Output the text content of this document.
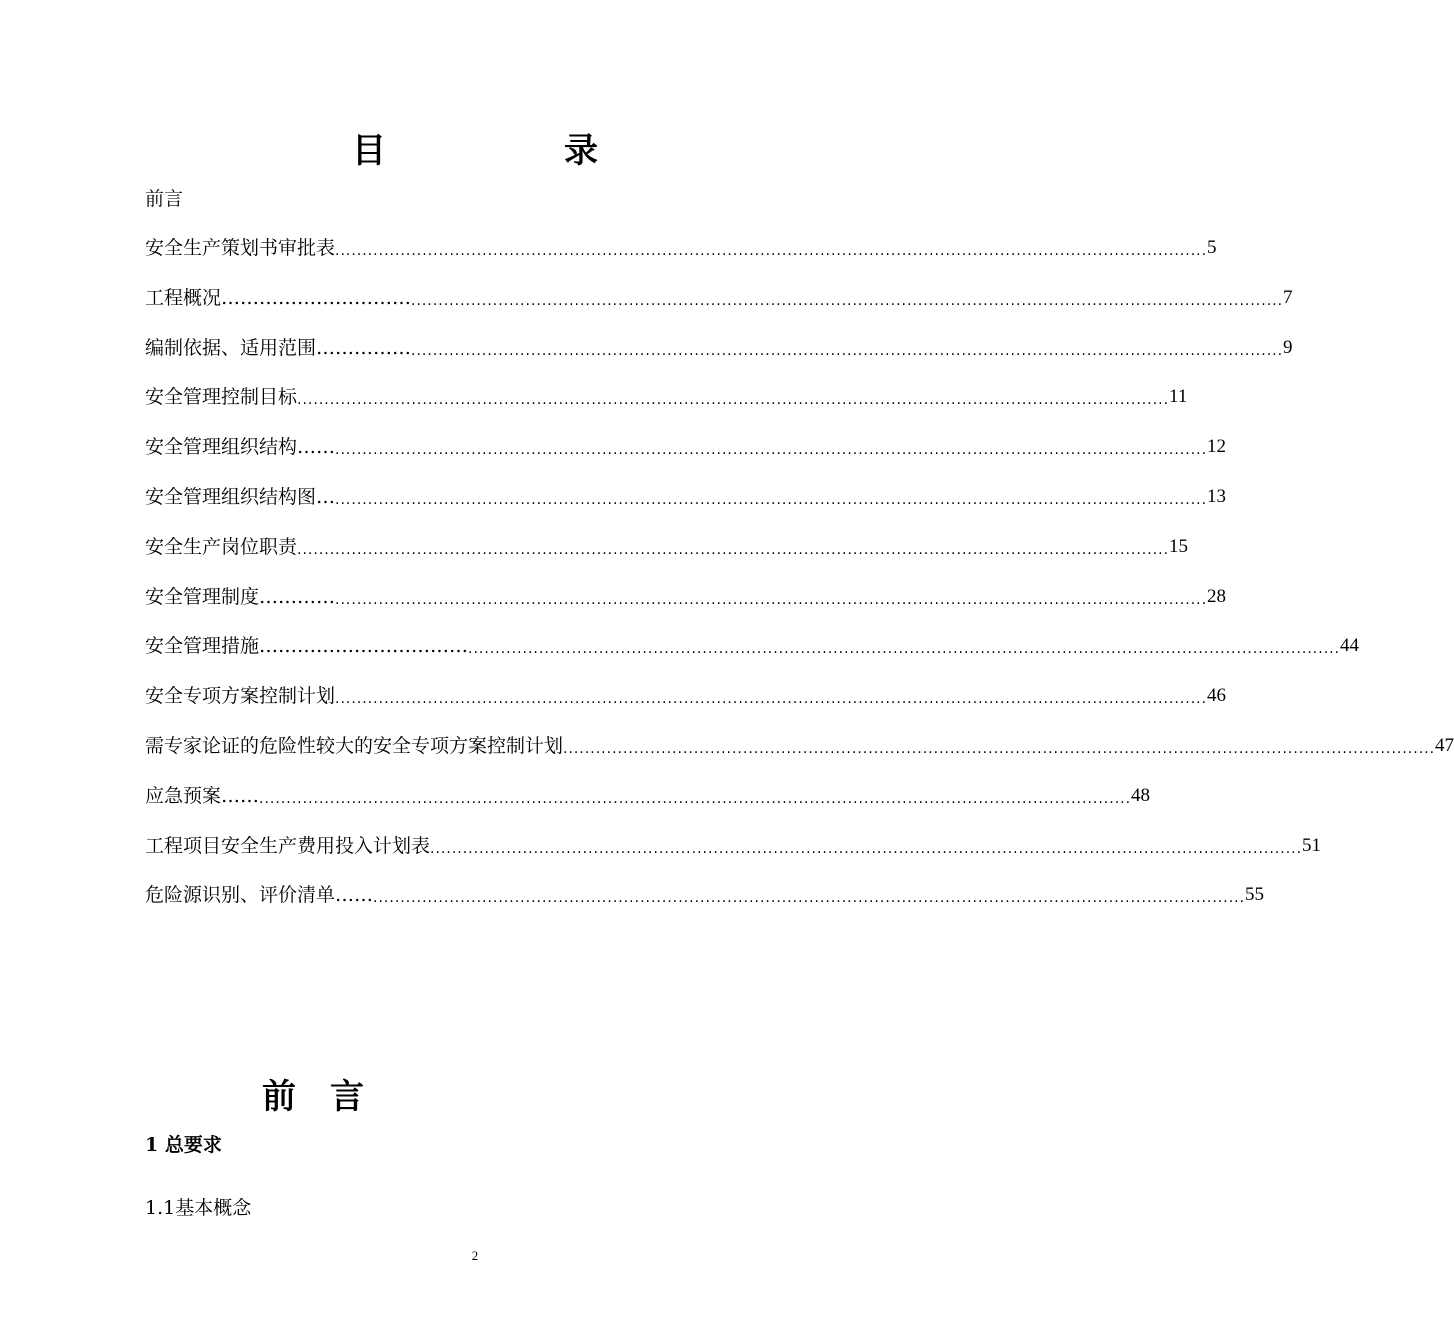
目	录
前言
安全生产策划书审批表 ................................................................................................................................................................ 5
工程概况………………………… ................................................................................................................................................................ 7
编制依据、适用范围…………… ................................................................................................................................................................ 9
安全管理控制目标 ................................................................................................................................................................ 11
安全管理组织结构…… ................................................................................................................................................................ 12
安全管理组织结构图… ................................................................................................................................................................ 13
安全生产岗位职责 ................................................................................................................................................................ 15
安全管理制度………… ................................................................................................................................................................ 28
安全管理措施…………………………… ................................................................................................................................................................ 44
安全专项方案控制计划 ................................................................................................................................................................ 46
需专家论证的危险性较大的安全专项方案控制计划 ................................................................................................................................................................ 47
应急预案…… ................................................................................................................................................................ 48
工程项目安全生产费用投入计划表 ................................................................................................................................................................ 51
危险源识别、评价清单…… ................................................................................................................................................................ 55
前 言
1 总要求
1.1基本概念
2
